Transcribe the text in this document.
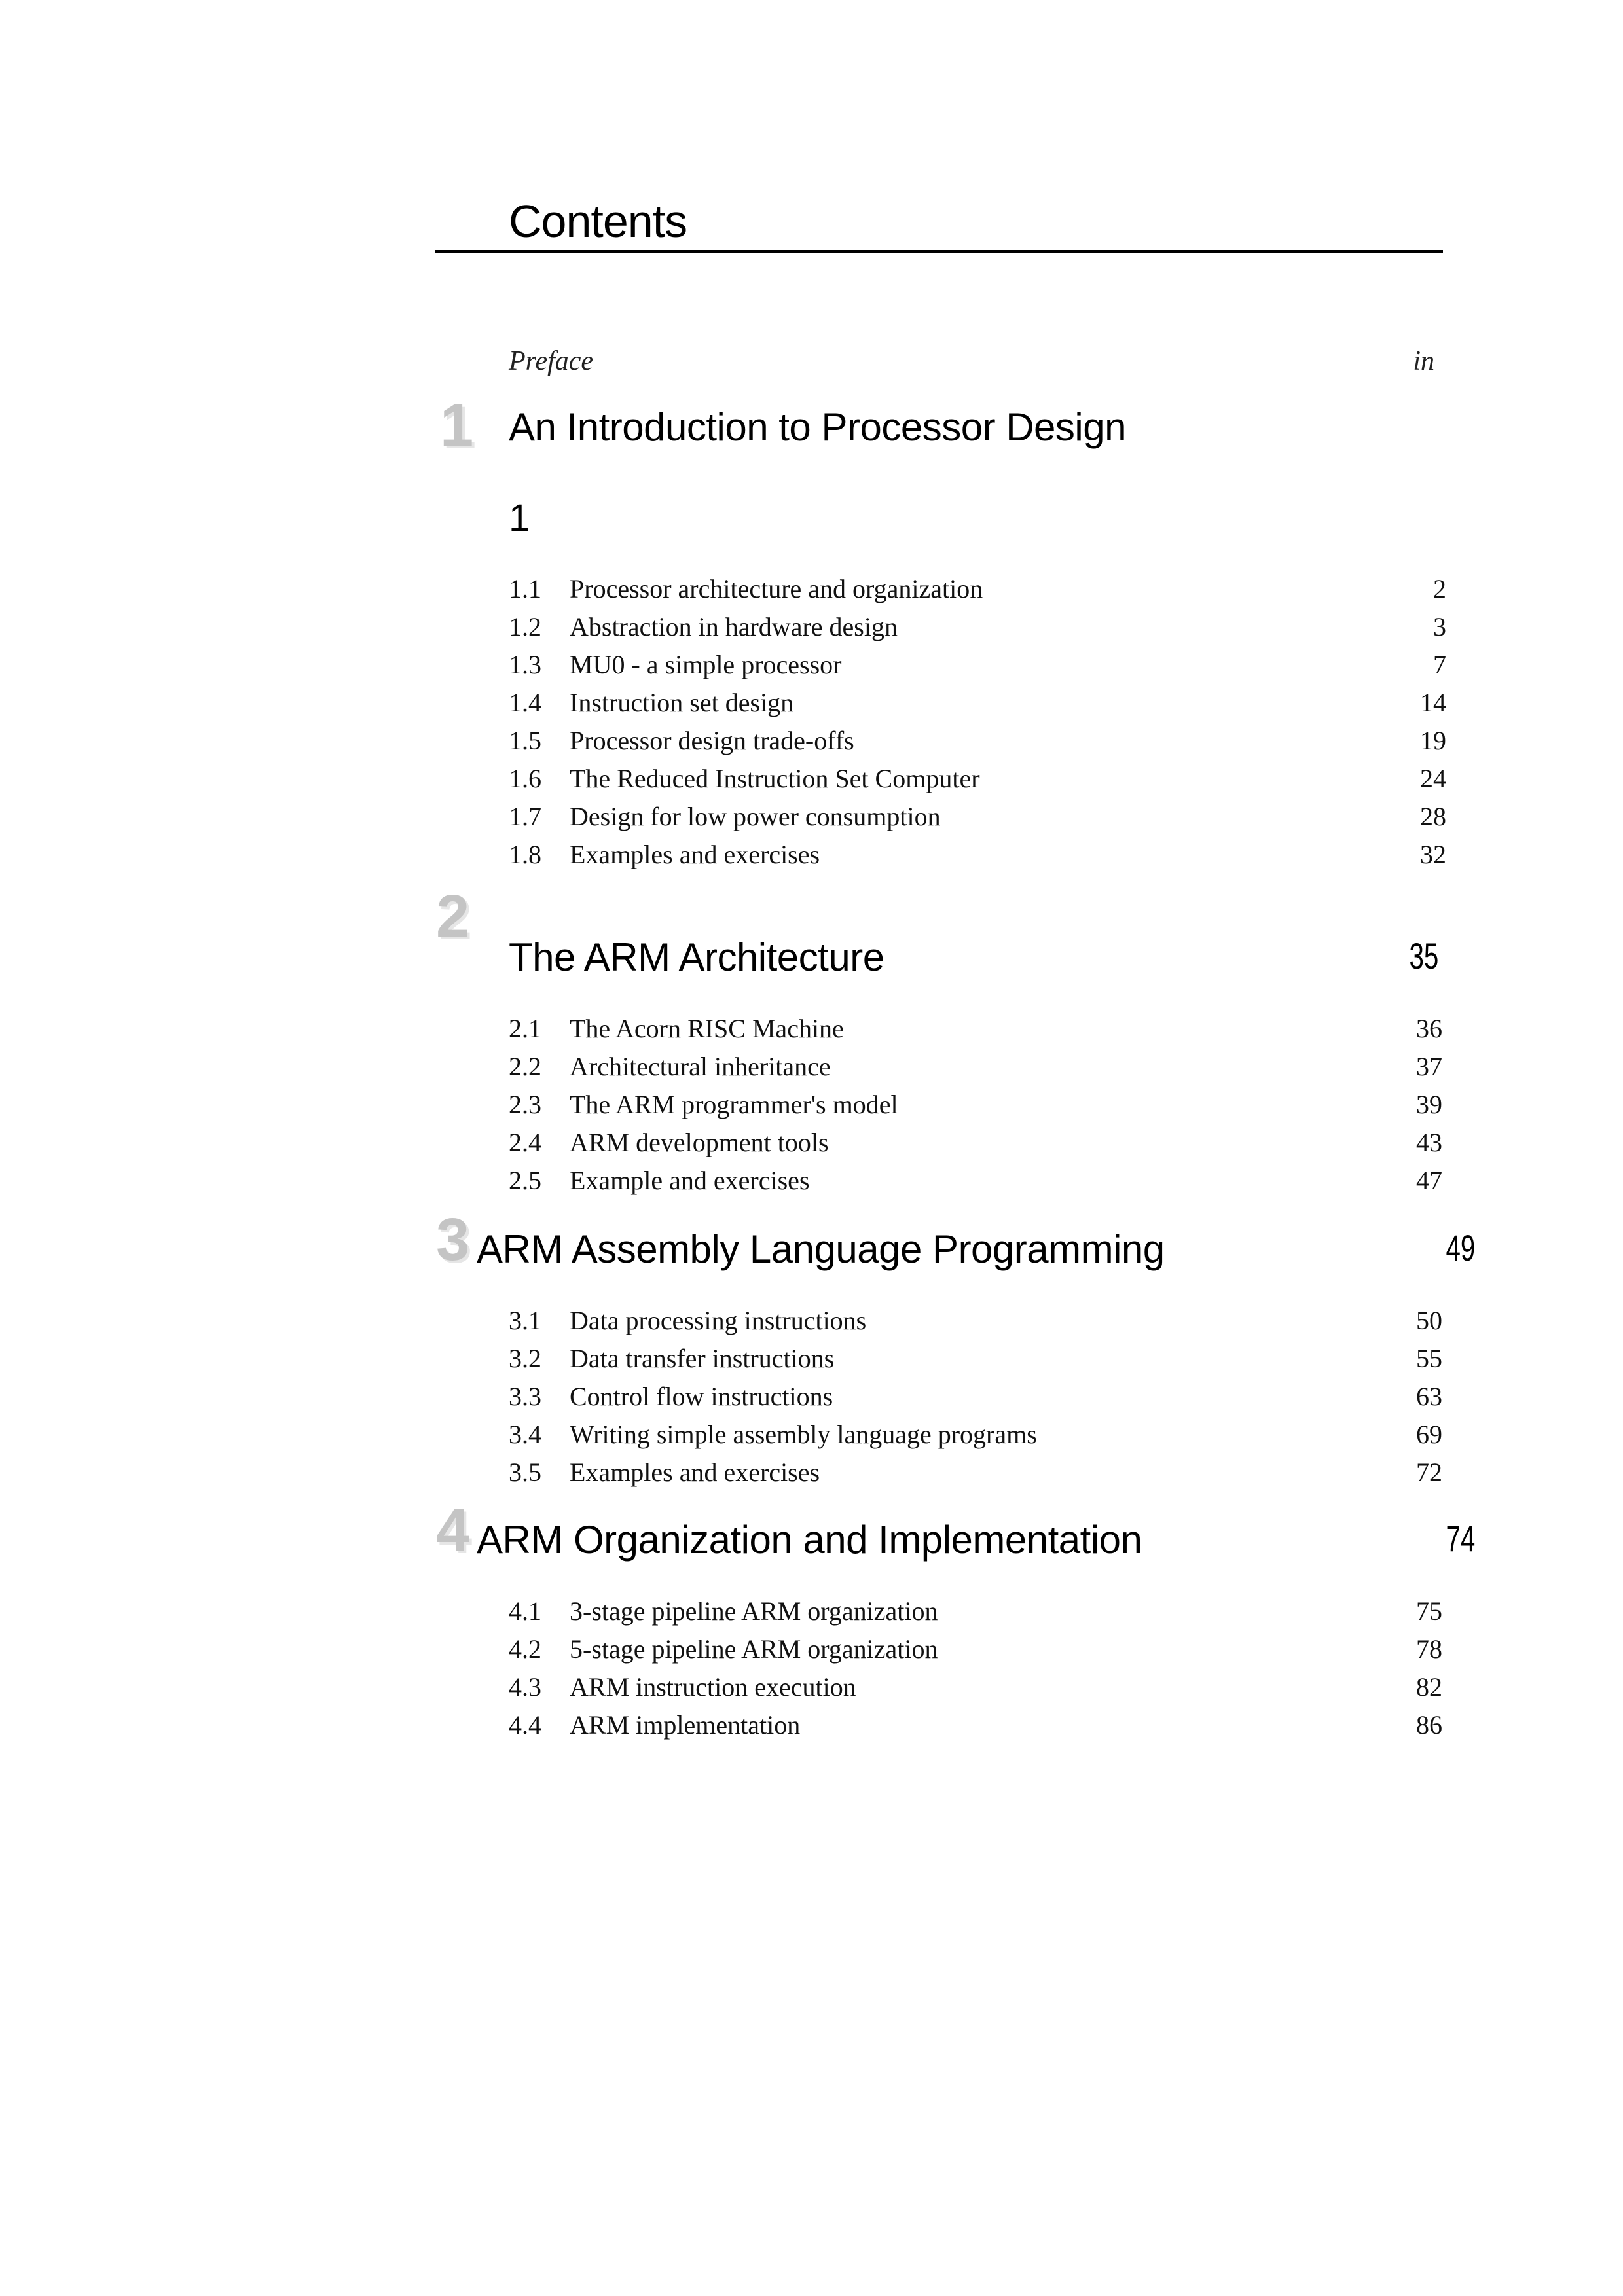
Contents
Preface	in
1 An Introduction to Processor Design
1
1.1 Processor architecture and organization	2
1.2 Abstraction in hardware design	3
1.3 MU0 - a simple processor	7
1.4 Instruction set design	14
1.5 Processor design trade-offs	19
1.6 The Reduced Instruction Set Computer	24
1.7 Design for low power consumption	28
1.8 Examples and exercises	32
2
The ARM Architecture	35
2.1 The Acorn RISC Machine	36
2.2 Architectural inheritance	37
2.3 The ARM programmer's model	39
2.4 ARM development tools	43
2.5 Example and exercises	47
3 ARM Assembly Language Programming	49
3.1 Data processing instructions	50
3.2 Data transfer instructions	55
3.3 Control flow instructions	63
3.4 Writing simple assembly language programs	69
3.5 Examples and exercises	72
4 ARM Organization and Implementation	74
4.1 3-stage pipeline ARM organization	75
4.2 5-stage pipeline ARM organization	78
4.3 ARM instruction execution	82
4.4 ARM implementation	86
